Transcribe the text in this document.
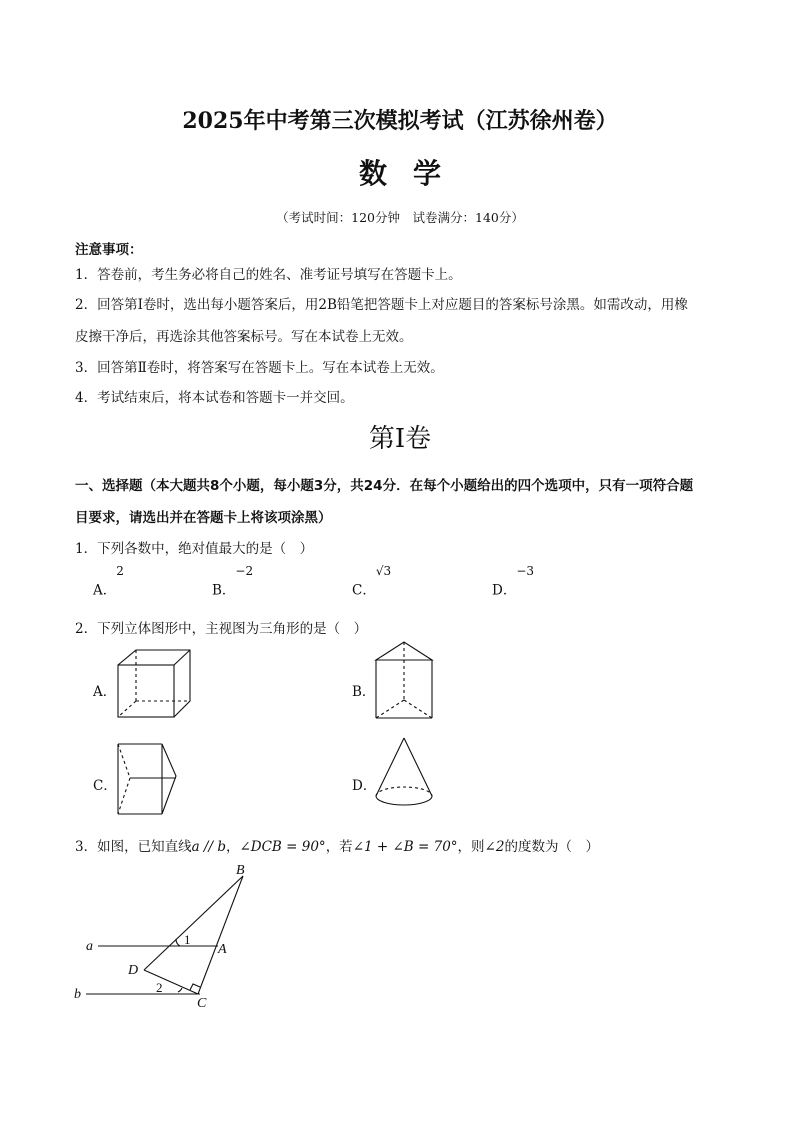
2025年中考第三次模拟考试（江苏徐州卷）
数学
（考试时间：120分钟　试卷满分：140分）
注意事项：
1．答卷前，考生务必将自己的姓名、准考证号填写在答题卡上。
2．回答第Ⅰ卷时，选出每小题答案后，用2B铅笔把答题卡上对应题目的答案标号涂黑。如需改动，用橡
皮擦干净后，再选涂其他答案标号。写在本试卷上无效。
3．回答第Ⅱ卷时，将答案写在答题卡上。写在本试卷上无效。
4．考试结束后，将本试卷和答题卡一并交回。
第Ⅰ卷
一、选择题（本大题共8个小题，每小题3分，共24分．在每个小题给出的四个选项中，只有一项符合题
目要求，请选出并在答题卡上将该项涂黑）
1．下列各数中，绝对值最大的是（　）
A．$^2$
B．$^{-2}$
C．$^{√3}$
D．$^{-3}$
2．下列立体图形中，主视图为三角形的是（　）
A．	B．
C．	D．
3．如图，已知直线a // b，∠DCB = 90°，若∠1 + ∠B = 70°，则∠2的度数为（　）
B
A
a
b
D
C
1
2
